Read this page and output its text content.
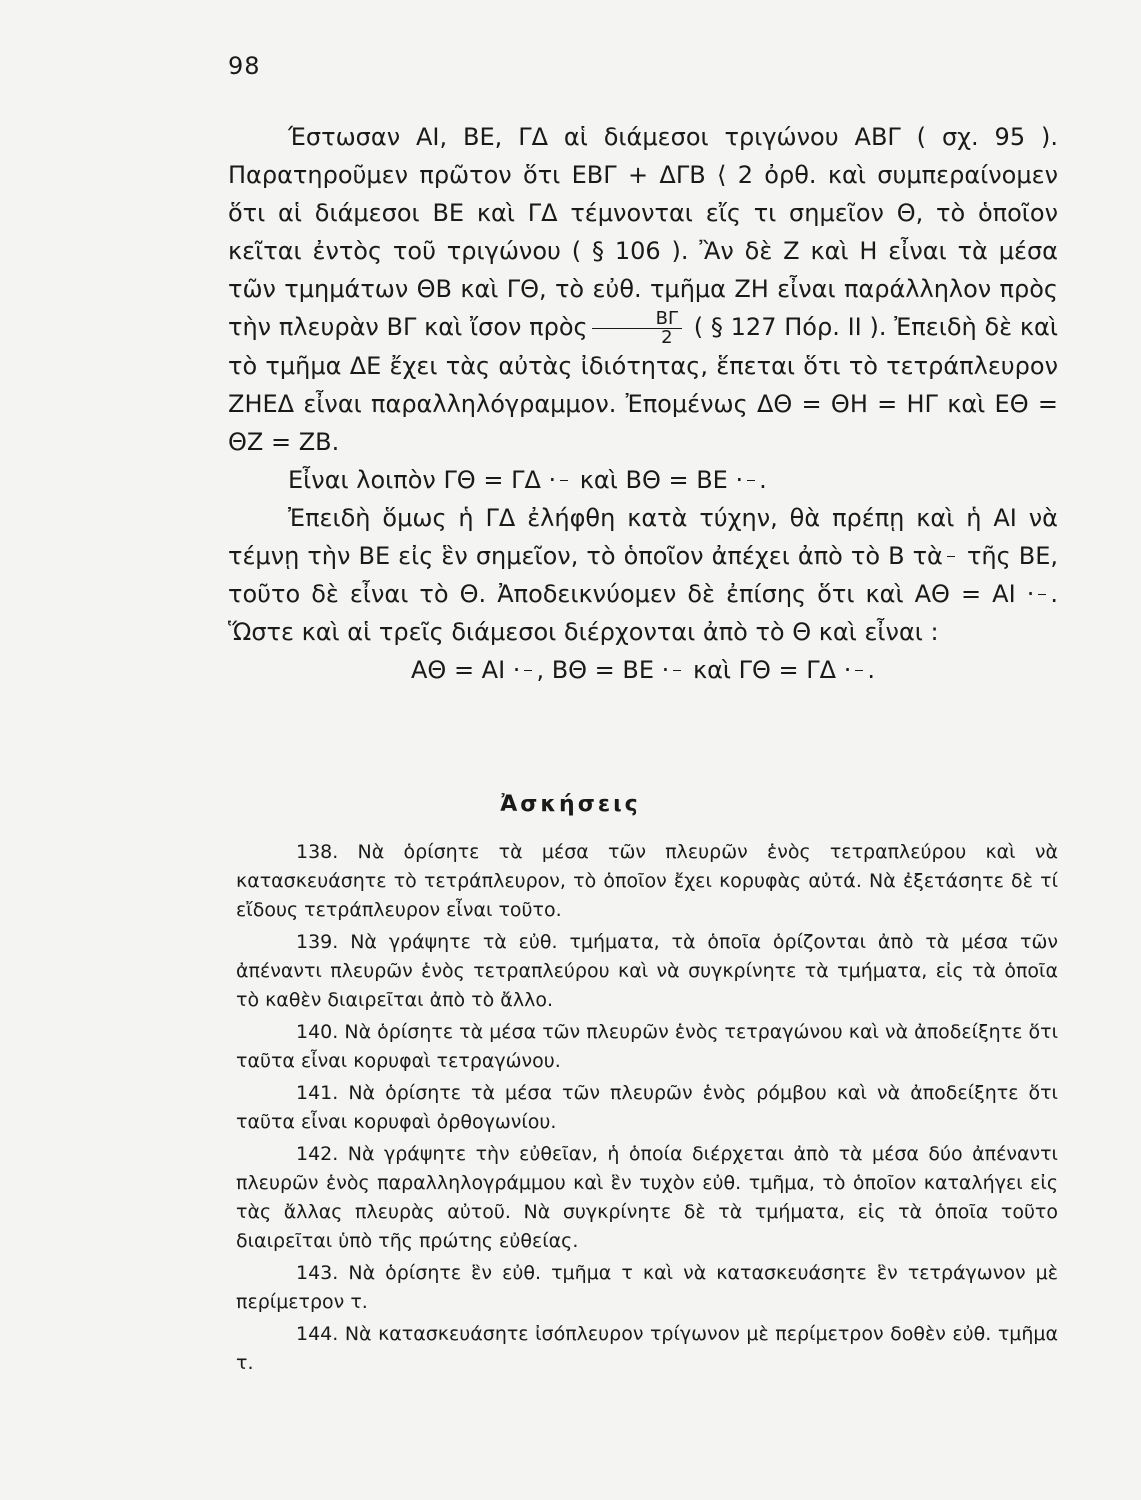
98

Έστωσαν ΑΙ, ΒΕ, ΓΔ αἱ διάμεσοι τριγώνου ΑΒΓ ( σχ. 95 ). Παρατηροῦμεν πρῶτον ὅτι ΕΒΓ + ΔΓΒ ⟨ 2 ὀρθ. καὶ συμπεραίνομεν ὅτι αἱ διάμεσοι ΒΕ καὶ ΓΔ τέμνονται εἴς τι σημεῖον Θ, τὸ ὁποῖον κεῖται ἐντὸς τοῦ τριγώνου ( § 106 ). Ἂν δὲ Ζ καὶ Η εἶναι τὰ μέσα τῶν τμημάτων ΘΒ καὶ ΓΘ, τὸ εὐθ. τμῆμα ΖΗ εἶναι παράλληλον πρὸς τὴν πλευρὰν ΒΓ καὶ ἴσον πρὸς $\frac{B\Gamma}{2}$ ( § 127 Πόρ. ΙΙ ). Ἐπειδὴ δὲ καὶ τὸ τμῆμα ΔΕ ἔχει τὰς αὐτὰς ἰδιότητας, ἕπεται ὅτι τὸ τετράπλευρον ΖΗΕΔ εἶναι παραλληλόγραμμον. Ἐπομένως ΔΘ = ΘΗ = ΗΓ καὶ ΕΘ = ΘΖ = ΖΒ.

Εἶναι λοιπὸν ΓΘ = ΓΔ · καὶ ΒΘ = ΒΕ · .

Ἐπειδὴ ὅμως ἡ ΓΔ ἐλήφθη κατὰ τύχην, θὰ πρέπῃ καὶ ἡ ΑΙ νὰ τέμνῃ τὴν ΒΕ εἰς ἓν σημεῖον, τὸ ὁποῖον ἀπέχει ἀπὸ τὸ Β τὰ τῆς ΒΕ, τοῦτο δὲ εἶναι τὸ Θ. Ἀποδεικνύομεν δὲ ἐπίσης ὅτι καὶ ΑΘ = ΑΙ · . Ὥστε καὶ αἱ τρεῖς διάμεσοι διέρχονται ἀπὸ τὸ Θ καὶ εἶναι :

ΑΘ = ΑΙ · , ΒΘ = ΒΕ · καὶ ΓΘ = ΓΔ · .

Ἀσκήσεις

138. Νὰ ὁρίσητε τὰ μέσα τῶν πλευρῶν ἑνὸς τετραπλεύρου καὶ νὰ κατασκευάσητε τὸ τετράπλευρον, τὸ ὁποῖον ἔχει κορυφὰς αὐτά. Νὰ ἐξετάσητε δὲ τί εἴδους τετράπλευρον εἶναι τοῦτο.

139. Νὰ γράψητε τὰ εὐθ. τμήματα, τὰ ὁποῖα ὁρίζονται ἀπὸ τὰ μέσα τῶν ἀπέναντι πλευρῶν ἑνὸς τετραπλεύρου καὶ νὰ συγκρίνητε τὰ τμήματα, εἰς τὰ ὁποῖα τὸ καθὲν διαιρεῖται ἀπὸ τὸ ἄλλο.

140. Νὰ ὁρίσητε τὰ μέσα τῶν πλευρῶν ἑνὸς τετραγώνου καὶ νὰ ἀποδείξητε ὅτι ταῦτα εἶναι κορυφαὶ τετραγώνου.

141. Νὰ ὁρίσητε τὰ μέσα τῶν πλευρῶν ἑνὸς ρόμβου καὶ νὰ ἀποδείξητε ὅτι ταῦτα εἶναι κορυφαὶ ὀρθογωνίου.

142. Νὰ γράψητε τὴν εὐθεῖαν, ἡ ὁποία διέρχεται ἀπὸ τὰ μέσα δύο ἀπέναντι πλευρῶν ἑνὸς παραλληλογράμμου καὶ ἓν τυχὸν εὐθ. τμῆμα, τὸ ὁποῖον καταλήγει εἰς τὰς ἄλλας πλευρὰς αὐτοῦ. Νὰ συγκρίνητε δὲ τὰ τμήματα, εἰς τὰ ὁποῖα τοῦτο διαιρεῖται ὑπὸ τῆς πρώτης εὐθείας.

143. Νὰ ὁρίσητε ἓν εὐθ. τμῆμα τ καὶ νὰ κατασκευάσητε ἓν τετράγωνον μὲ περίμετρον τ.

144. Νὰ κατασκευάσητε ἰσόπλευρον τρίγωνον μὲ περίμετρον δοθὲν εὐθ. τμῆμα τ.
